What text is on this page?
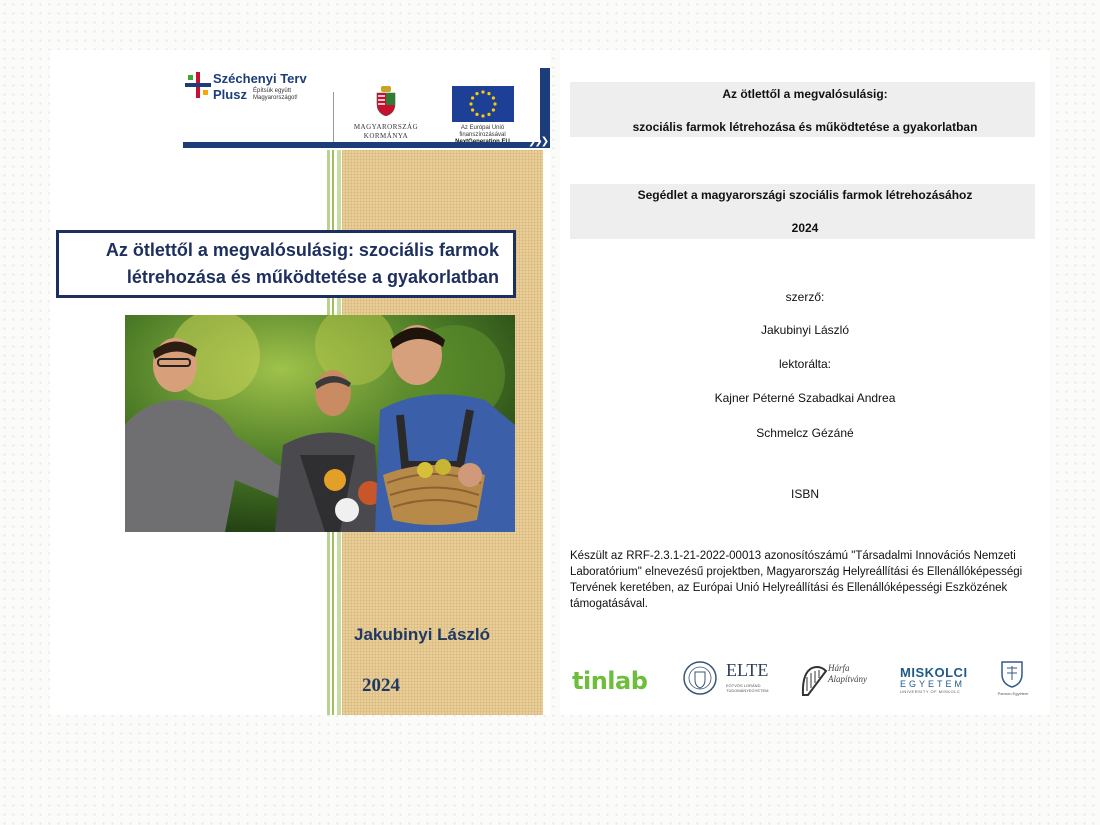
Széchenyi Terv
Plusz Építsük együtt Magyarországot!
MAGYARORSZÁG
KORMÁNYA
Az Európai Unió
finanszírozásával

❯❯❯
Az ötlettől a megvalósulásig: szociális farmok
létrehozása és működtetése a gyakorlatban
Jakubinyi László
2024
Az ötlettől a megvalósulásig:
szociális farmok létrehozása és működtetése a gyakorlatban
Segédlet a magyarországi szociális farmok létrehozásához
2024
szerző:
Jakubinyi László
lektorálta:
Kajner Péterné Szabadkai Andrea
Schmelcz Gézáné
ISBN
Készült az RRF-2.3.1-21-2022-00013 azonosítószámú "Társadalmi Innovációs Nemzeti Laboratórium" elnevezésű projektben, Magyarország Helyreállítási és Ellenállóképességi Tervének keretében, az Európai Unió Helyreállítási és Ellenállóképességi Eszközének támogatásával.
tinlab	ELTE
EÖTVÖS LORÁND TUDOMÁNYEGYETEM
Hárfa Alapítvány	MISKOLCI
EGYETEM
UNIVERSITY OF MISKOLC	Pannon Egyetem
